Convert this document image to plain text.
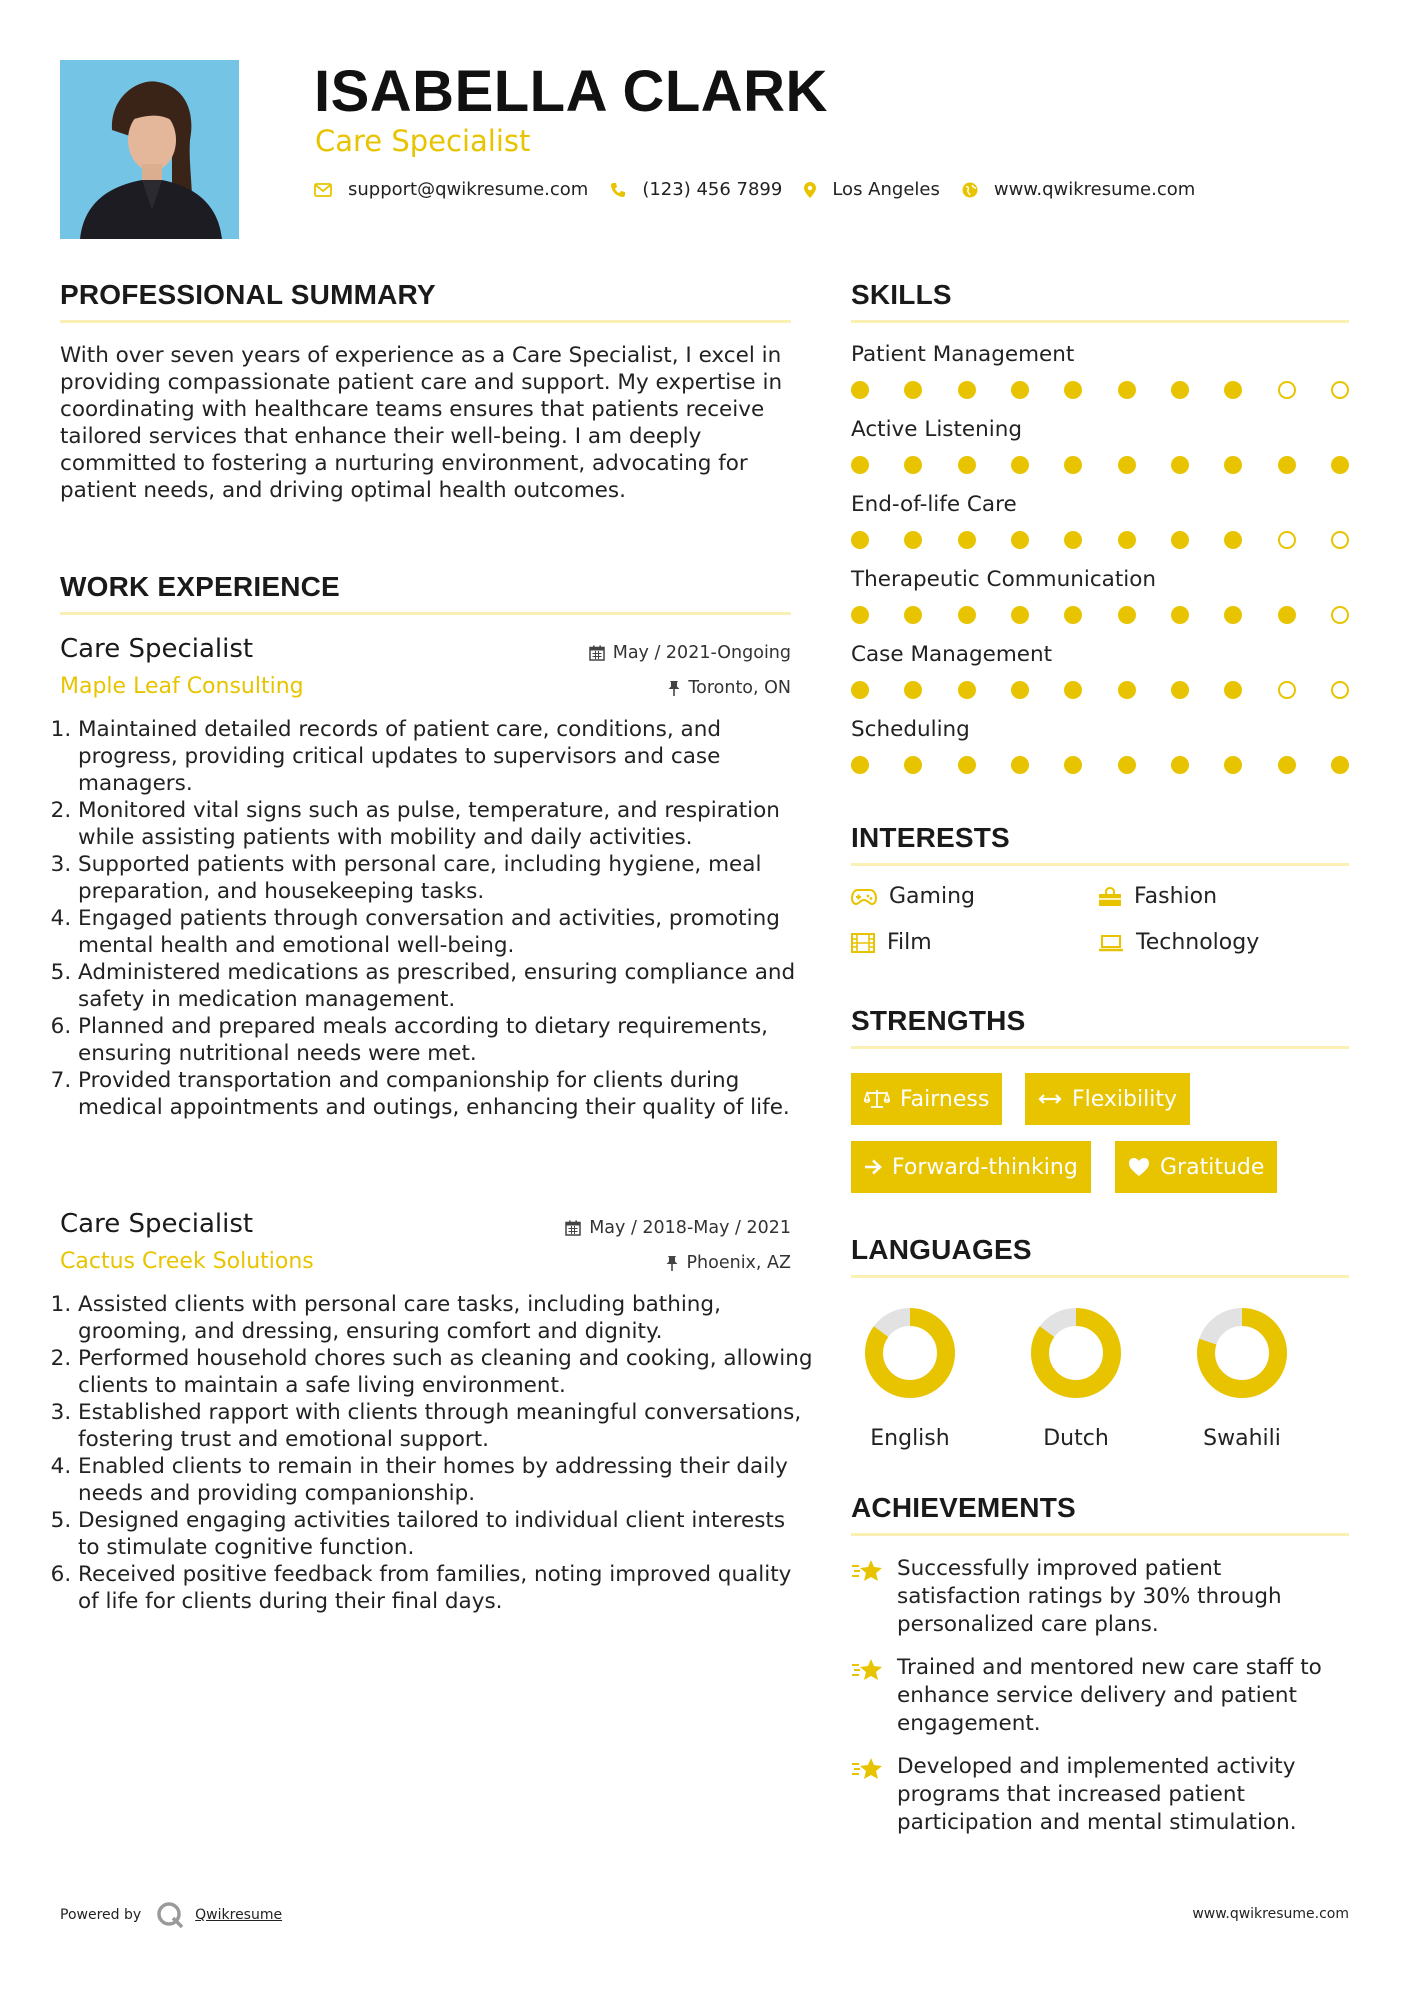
ISABELLA CLARK
Care Specialist
support@qwikresume.com	(123) 456 7899	Los Angeles	www.qwikresume.com
PROFESSIONAL SUMMARY

With over seven years of experience as a Care Specialist, I excel in providing compassionate patient care and support. My expertise in coordinating with healthcare teams ensures that patients receive tailored services that enhance their well-being. I am deeply committed to fostering a nurturing environment, advocating for patient needs, and driving optimal health outcomes.

WORK EXPERIENCE
Care Specialist	May / 2021-Ongoing
Maple Leaf Consulting	Toronto, ON
1. Maintained detailed records of patient care, conditions, and progress, providing critical updates to supervisors and case managers.
2. Monitored vital signs such as pulse, temperature, and respiration while assisting patients with mobility and daily activities.
3. Supported patients with personal care, including hygiene, meal preparation, and housekeeping tasks.
4. Engaged patients through conversation and activities, promoting mental health and emotional well-being.
5. Administered medications as prescribed, ensuring compliance and safety in medication management.
6. Planned and prepared meals according to dietary requirements, ensuring nutritional needs were met.
7. Provided transportation and companionship for clients during medical appointments and outings, enhancing their quality of life.
Care Specialist	May / 2018-May / 2021
Cactus Creek Solutions	Phoenix, AZ
1. Assisted clients with personal care tasks, including bathing, grooming, and dressing, ensuring comfort and dignity.
2. Performed household chores such as cleaning and cooking, allowing clients to maintain a safe living environment.
3. Established rapport with clients through meaningful conversations, fostering trust and emotional support.
4. Enabled clients to remain in their homes by addressing their daily needs and providing companionship.
5. Designed engaging activities tailored to individual client interests to stimulate cognitive function.
6. Received positive feedback from families, noting improved quality of life for clients during their final days.
SKILLS
Patient Management
Active Listening
End-of-life Care
Therapeutic Communication
Case Management
Scheduling
INTERESTS
Gaming	Fashion
Film	Technology
STRENGTHS
Fairness	Flexibility
Forward-thinking	Gratitude
LANGUAGES
English	Dutch	Swahili
ACHIEVEMENTS
Successfully improved patient satisfaction ratings by 30% through personalized care plans.
Trained and mentored new care staff to enhance service delivery and patient engagement.
Developed and implemented activity programs that increased patient participation and mental stimulation.
Powered by	Qwikresume	www.qwikresume.com
